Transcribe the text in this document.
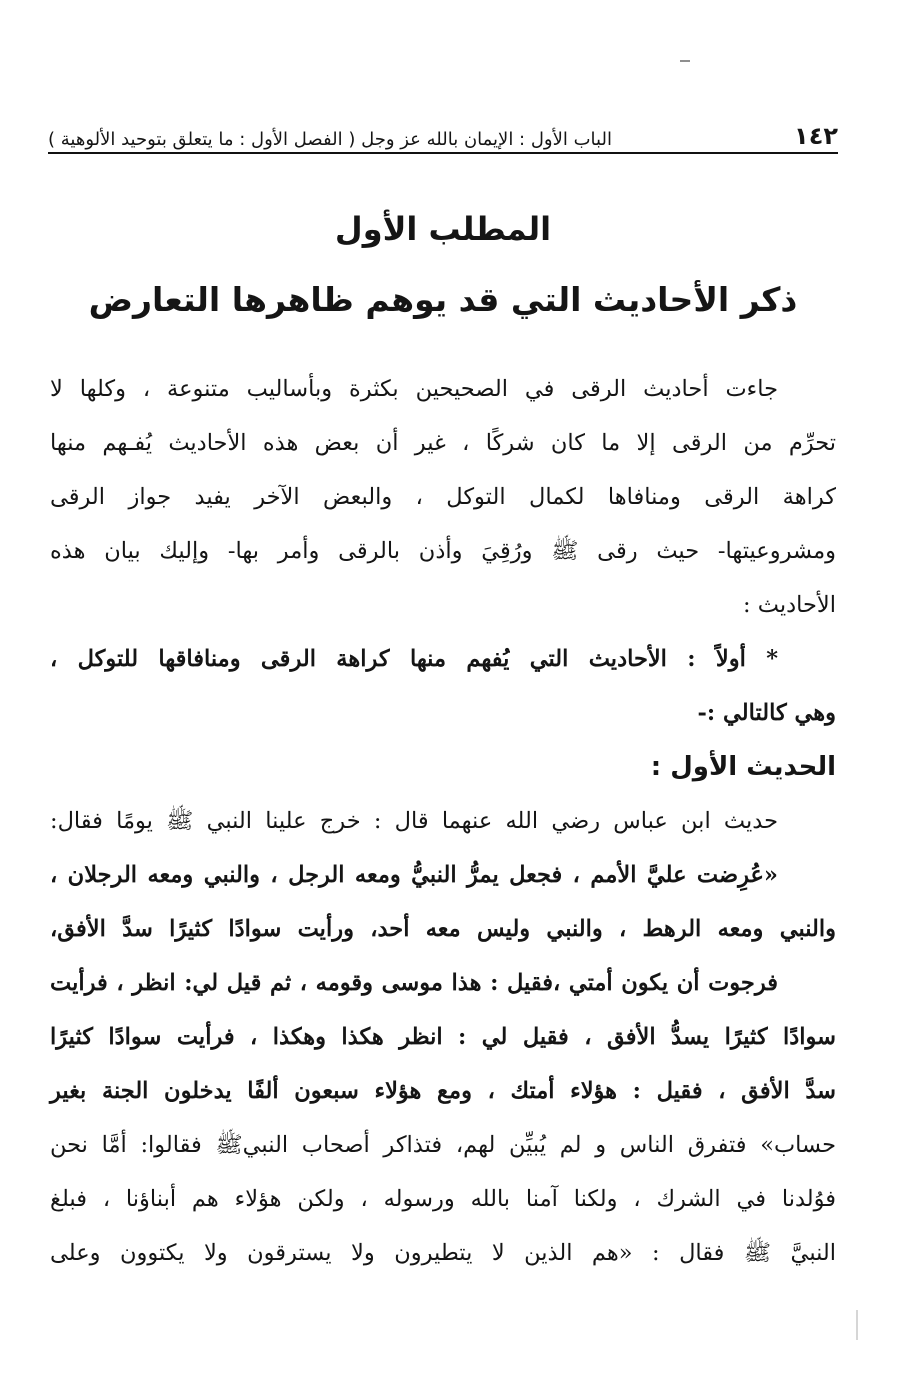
١٤٢
الباب الأول : الإيمان بالله عز وجل ( الفصل الأول : ما يتعلق بتوحيد الألوهية )
المطلب الأول
ذكر الأحاديث التي قد يوهم ظاهرها التعارض
جاءت أحاديث الرقى في الصحيحين بكثرة وبأساليب متنوعة ، وكلها لا
تحرِّم من الرقى إلا ما كان شركًا ، غير أن بعض هذه الأحاديث يُفـهم منها
كراهة الرقى ومنافاها لكمال التوكل ، والبعض الآخر يفيد جواز الرقى
ومشروعيتها- حيث رقى ﷺ ورُقِيَ وأذن بالرقى وأمر بها- وإليك بيان هذه
الأحاديث :
* أولاً : الأحاديث التي يُفهم منها كراهة الرقى ومنافاقها للتوكل ،
وهي كالتالي :-
الحديث الأول :
حديث ابن عباس رضي الله عنهما قال : خرج علينا النبي ﷺ يومًا فقال:
«عُرِضت عليَّ الأمم ، فجعل يمرُّ النبيُّ ومعه الرجل ، والنبي ومعه الرجلان ،
والنبي ومعه الرهط ، والنبي وليس معه أحد، ورأيت سوادًا كثيرًا سدَّ الأفق،
فرجوت أن يكون أمتي ،فقيل : هذا موسى وقومه ، ثم قيل لي: انظر ، فرأيت
سوادًا كثيرًا يسدُّ الأفق ، فقيل لي : انظر هكذا وهكذا ، فرأيت سوادًا كثيرًا
سدَّ الأفق ، فقيل : هؤلاء أمتك ، ومع هؤلاء سبعون ألفًا يدخلون الجنة بغير
حساب» فتفرق الناس و لم يُبيِّن لهم، فتذاكر أصحاب النبيﷺ فقالوا: أمَّا نحن
فوُلدنا في الشرك ، ولكنا آمنا بالله ورسوله ، ولكن هؤلاء هم أبناؤنا ، فبلغ
النبيَّ ﷺ فقال : «هم الذين لا يتطيرون ولا يسترقون ولا يكتوون وعلى
